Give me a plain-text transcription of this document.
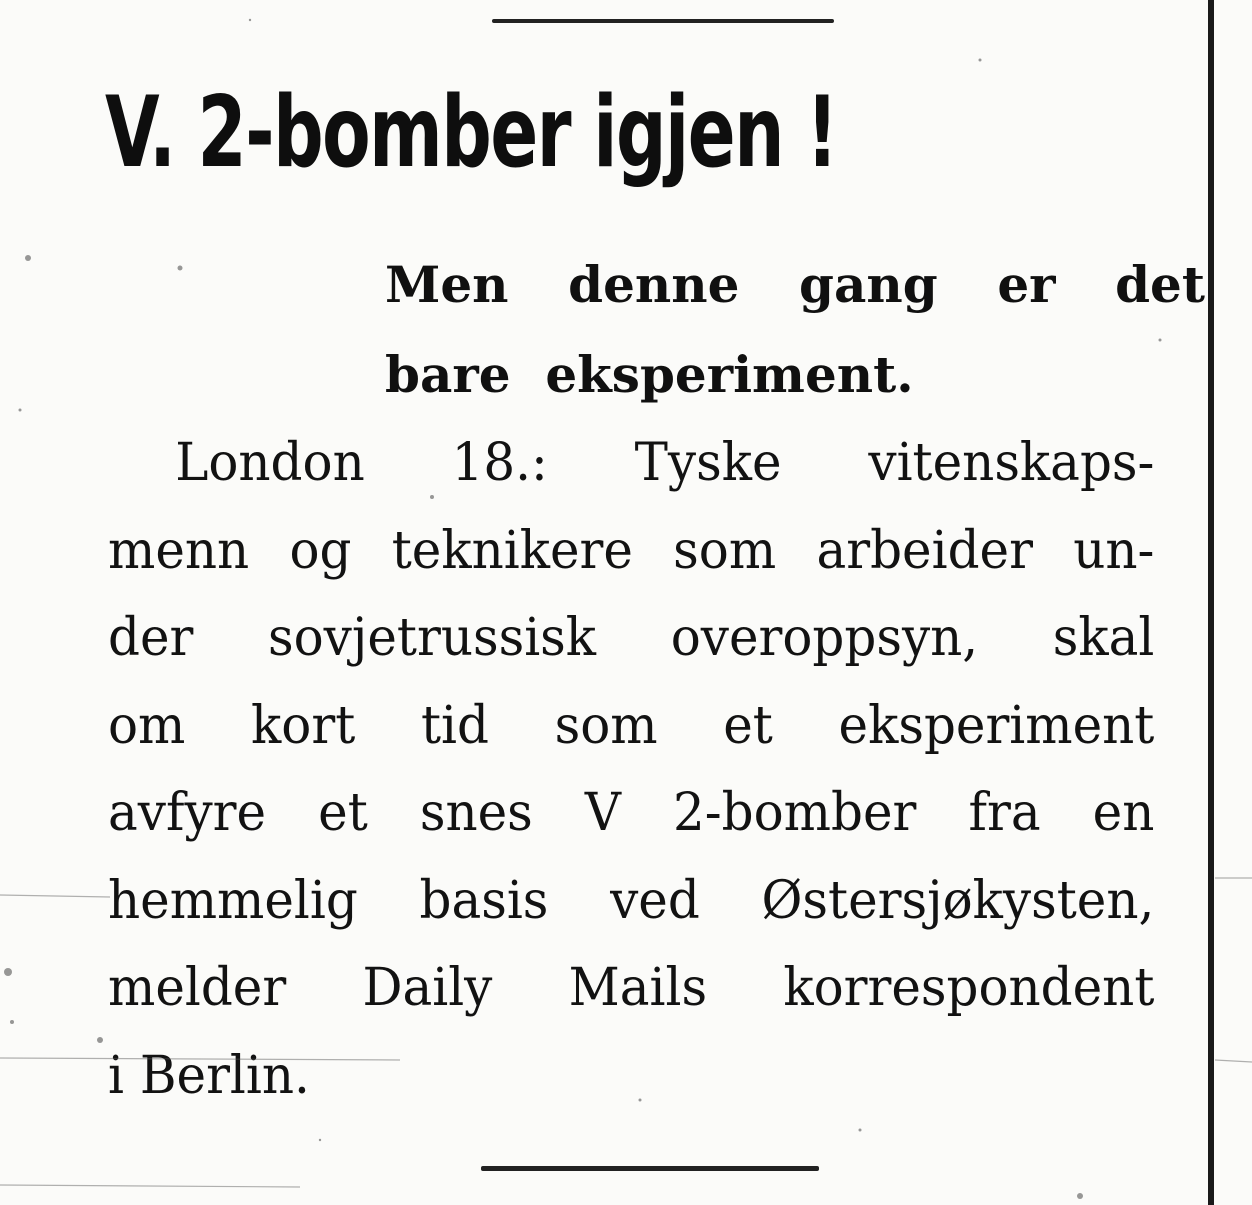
V. 2-bomber igjen !
Men denne gang er det
bare eksperiment.
London 18.: Tyske vitenskaps-
menn og teknikere som arbeider un-
der sovjetrussisk overoppsyn, skal
om kort tid som et eksperiment
avfyre et snes V 2-bomber fra en
hemmelig basis ved Østersjøkysten,
melder Daily Mails korrespondent
i Berlin.
